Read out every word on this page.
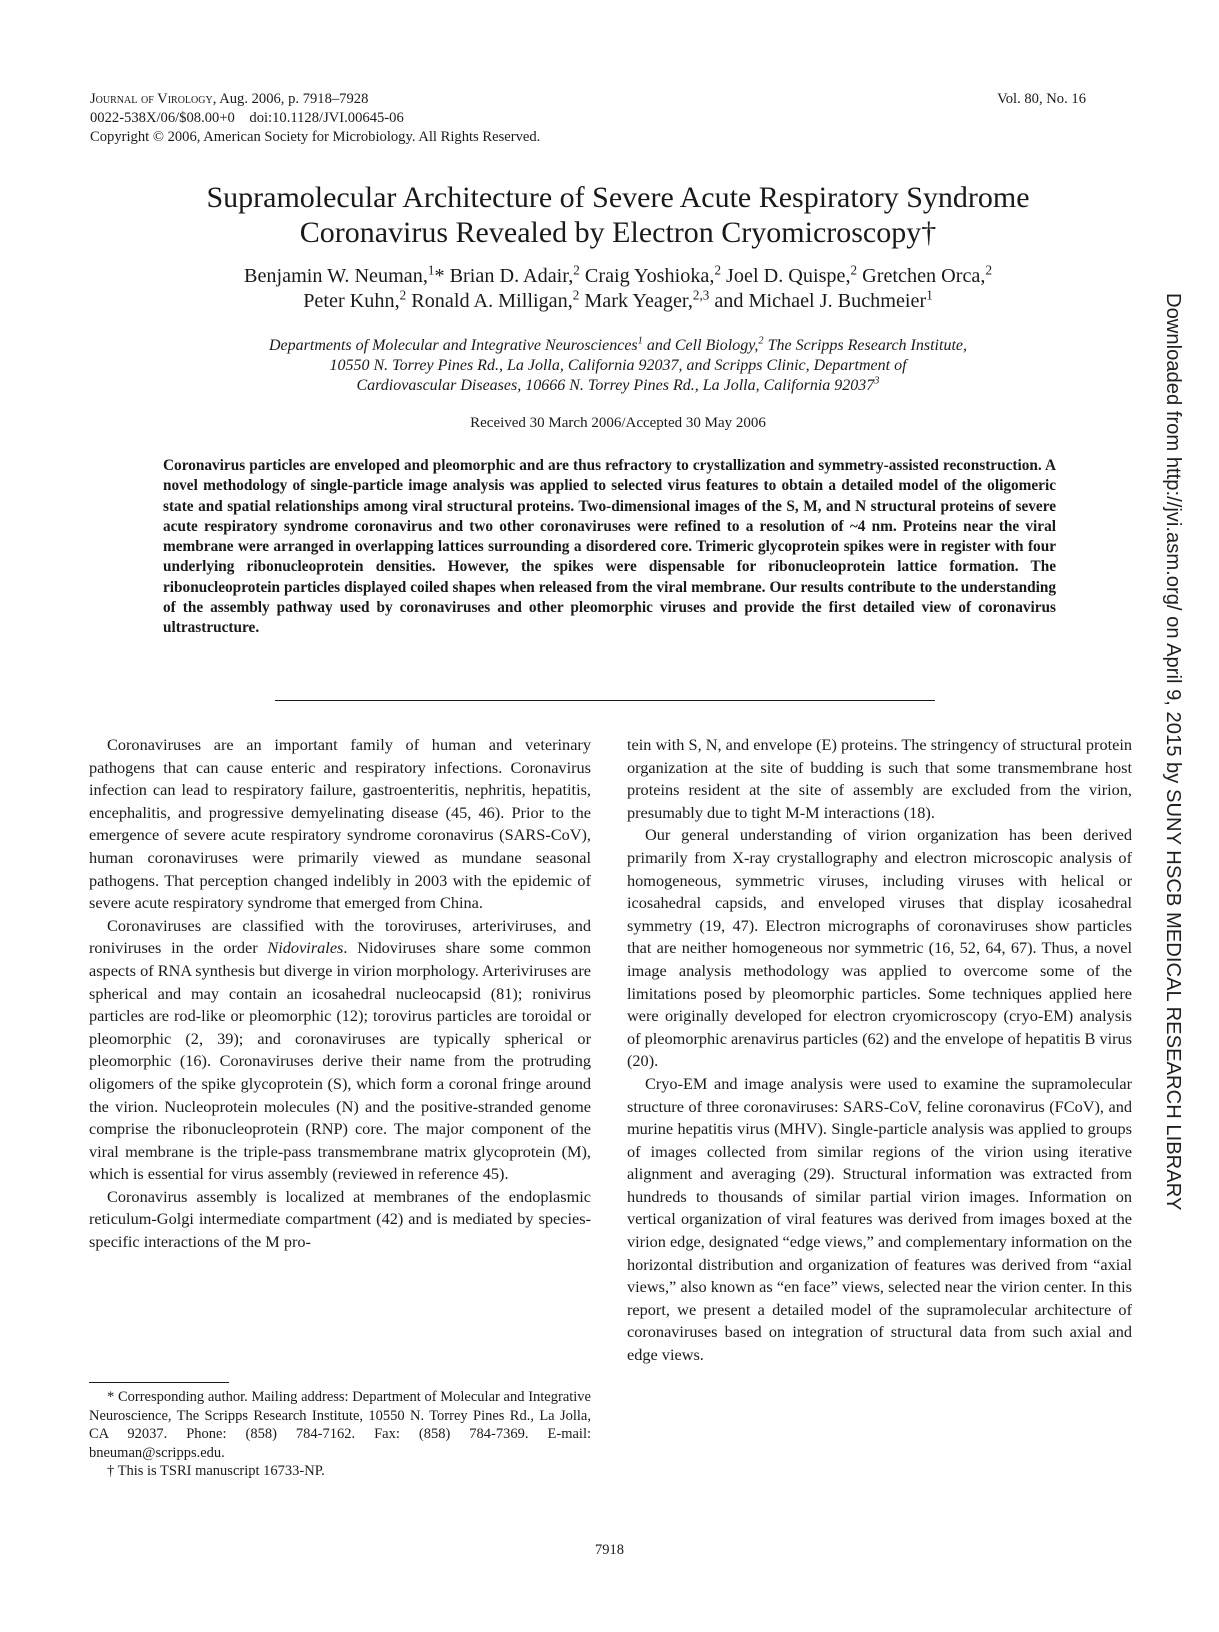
Journal of Virology, Aug. 2006, p. 7918–7928
0022-538X/06/$08.00+0    doi:10.1128/JVI.00645-06
Copyright © 2006, American Society for Microbiology. All Rights Reserved.
Vol. 80, No. 16
Supramolecular Architecture of Severe Acute Respiratory Syndrome
Coronavirus Revealed by Electron Cryomicroscopy†
Benjamin W. Neuman,$^1$* Brian D. Adair,$^2$ Craig Yoshioka,$^2$ Joel D. Quispe,$^2$ Gretchen Orca,$^2$
Peter Kuhn,$^2$ Ronald A. Milligan,$^2$ Mark Yeager,$^{2,3}$ and Michael J. Buchmeier$^1$
Departments of Molecular and Integrative Neurosciences$^1$ and Cell Biology,$^2$ The Scripps Research Institute,
10550 N. Torrey Pines Rd., La Jolla, California 92037, and Scripps Clinic, Department of
Cardiovascular Diseases, 10666 N. Torrey Pines Rd., La Jolla, California 92037$^3$
Received 30 March 2006/Accepted 30 May 2006
Coronavirus particles are enveloped and pleomorphic and are thus refractory to crystallization and symmetry-assisted reconstruction. A novel methodology of single-particle image analysis was applied to selected virus features to obtain a detailed model of the oligomeric state and spatial relationships among viral structural proteins. Two-dimensional images of the S, M, and N structural proteins of severe acute respiratory syndrome coronavirus and two other coronaviruses were refined to a resolution of ~4 nm. Proteins near the viral membrane were arranged in overlapping lattices surrounding a disordered core. Trimeric glycoprotein spikes were in register with four underlying ribonucleoprotein densities. However, the spikes were dispensable for ribonucleoprotein lattice formation. The ribonucleoprotein particles displayed coiled shapes when released from the viral membrane. Our results contribute to the understanding of the assembly pathway used by coronaviruses and other pleomorphic viruses and provide the first detailed view of coronavirus ultrastructure.

Coronaviruses are an important family of human and veterinary pathogens that can cause enteric and respiratory infections. Coronavirus infection can lead to respiratory failure, gastroenteritis, nephritis, hepatitis, encephalitis, and progressive demyelinating disease (45, 46). Prior to the emergence of severe acute respiratory syndrome coronavirus (SARS-CoV), human coronaviruses were primarily viewed as mundane seasonal pathogens. That perception changed indelibly in 2003 with the epidemic of severe acute respiratory syndrome that emerged from China.

Coronaviruses are classified with the toroviruses, arteriviruses, and roniviruses in the order Nidovirales. Nidoviruses share some common aspects of RNA synthesis but diverge in virion morphology. Arteriviruses are spherical and may contain an icosahedral nucleocapsid (81); ronivirus particles are rod-like or pleomorphic (12); torovirus particles are toroidal or pleomorphic (2, 39); and coronaviruses are typically spherical or pleomorphic (16). Coronaviruses derive their name from the protruding oligomers of the spike glycoprotein (S), which form a coronal fringe around the virion. Nucleoprotein molecules (N) and the positive-stranded genome comprise the ribonucleoprotein (RNP) core. The major component of the viral membrane is the triple-pass transmembrane matrix glycoprotein (M), which is essential for virus assembly (reviewed in reference 45).

Coronavirus assembly is localized at membranes of the endoplasmic reticulum-Golgi intermediate compartment (42) and is mediated by species-specific interactions of the M pro-

* Corresponding author. Mailing address: Department of Molecular and Integrative Neuroscience, The Scripps Research Institute, 10550 N. Torrey Pines Rd., La Jolla, CA 92037. Phone: (858) 784-7162. Fax: (858) 784-7369. E-mail: bneuman@scripps.edu.

† This is TSRI manuscript 16733-NP.

tein with S, N, and envelope (E) proteins. The stringency of structural protein organization at the site of budding is such that some transmembrane host proteins resident at the site of assembly are excluded from the virion, presumably due to tight M-M interactions (18).

Our general understanding of virion organization has been derived primarily from X-ray crystallography and electron microscopic analysis of homogeneous, symmetric viruses, including viruses with helical or icosahedral capsids, and enveloped viruses that display icosahedral symmetry (19, 47). Electron micrographs of coronaviruses show particles that are neither homogeneous nor symmetric (16, 52, 64, 67). Thus, a novel image analysis methodology was applied to overcome some of the limitations posed by pleomorphic particles. Some techniques applied here were originally developed for electron cryomicroscopy (cryo-EM) analysis of pleomorphic arenavirus particles (62) and the envelope of hepatitis B virus (20).

Cryo-EM and image analysis were used to examine the supramolecular structure of three coronaviruses: SARS-CoV, feline coronavirus (FCoV), and murine hepatitis virus (MHV). Single-particle analysis was applied to groups of images collected from similar regions of the virion using iterative alignment and averaging (29). Structural information was extracted from hundreds to thousands of similar partial virion images. Information on vertical organization of viral features was derived from images boxed at the virion edge, designated “edge views,” and complementary information on the horizontal distribution and organization of features was derived from “axial views,” also known as “en face” views, selected near the virion center. In this report, we present a detailed model of the supramolecular architecture of coronaviruses based on integration of structural data from such axial and edge views.

7918
Downloaded from http://jvi.asm.org/ on April 9, 2015 by SUNY HSCB MEDICAL RESEARCH LIBRARY
